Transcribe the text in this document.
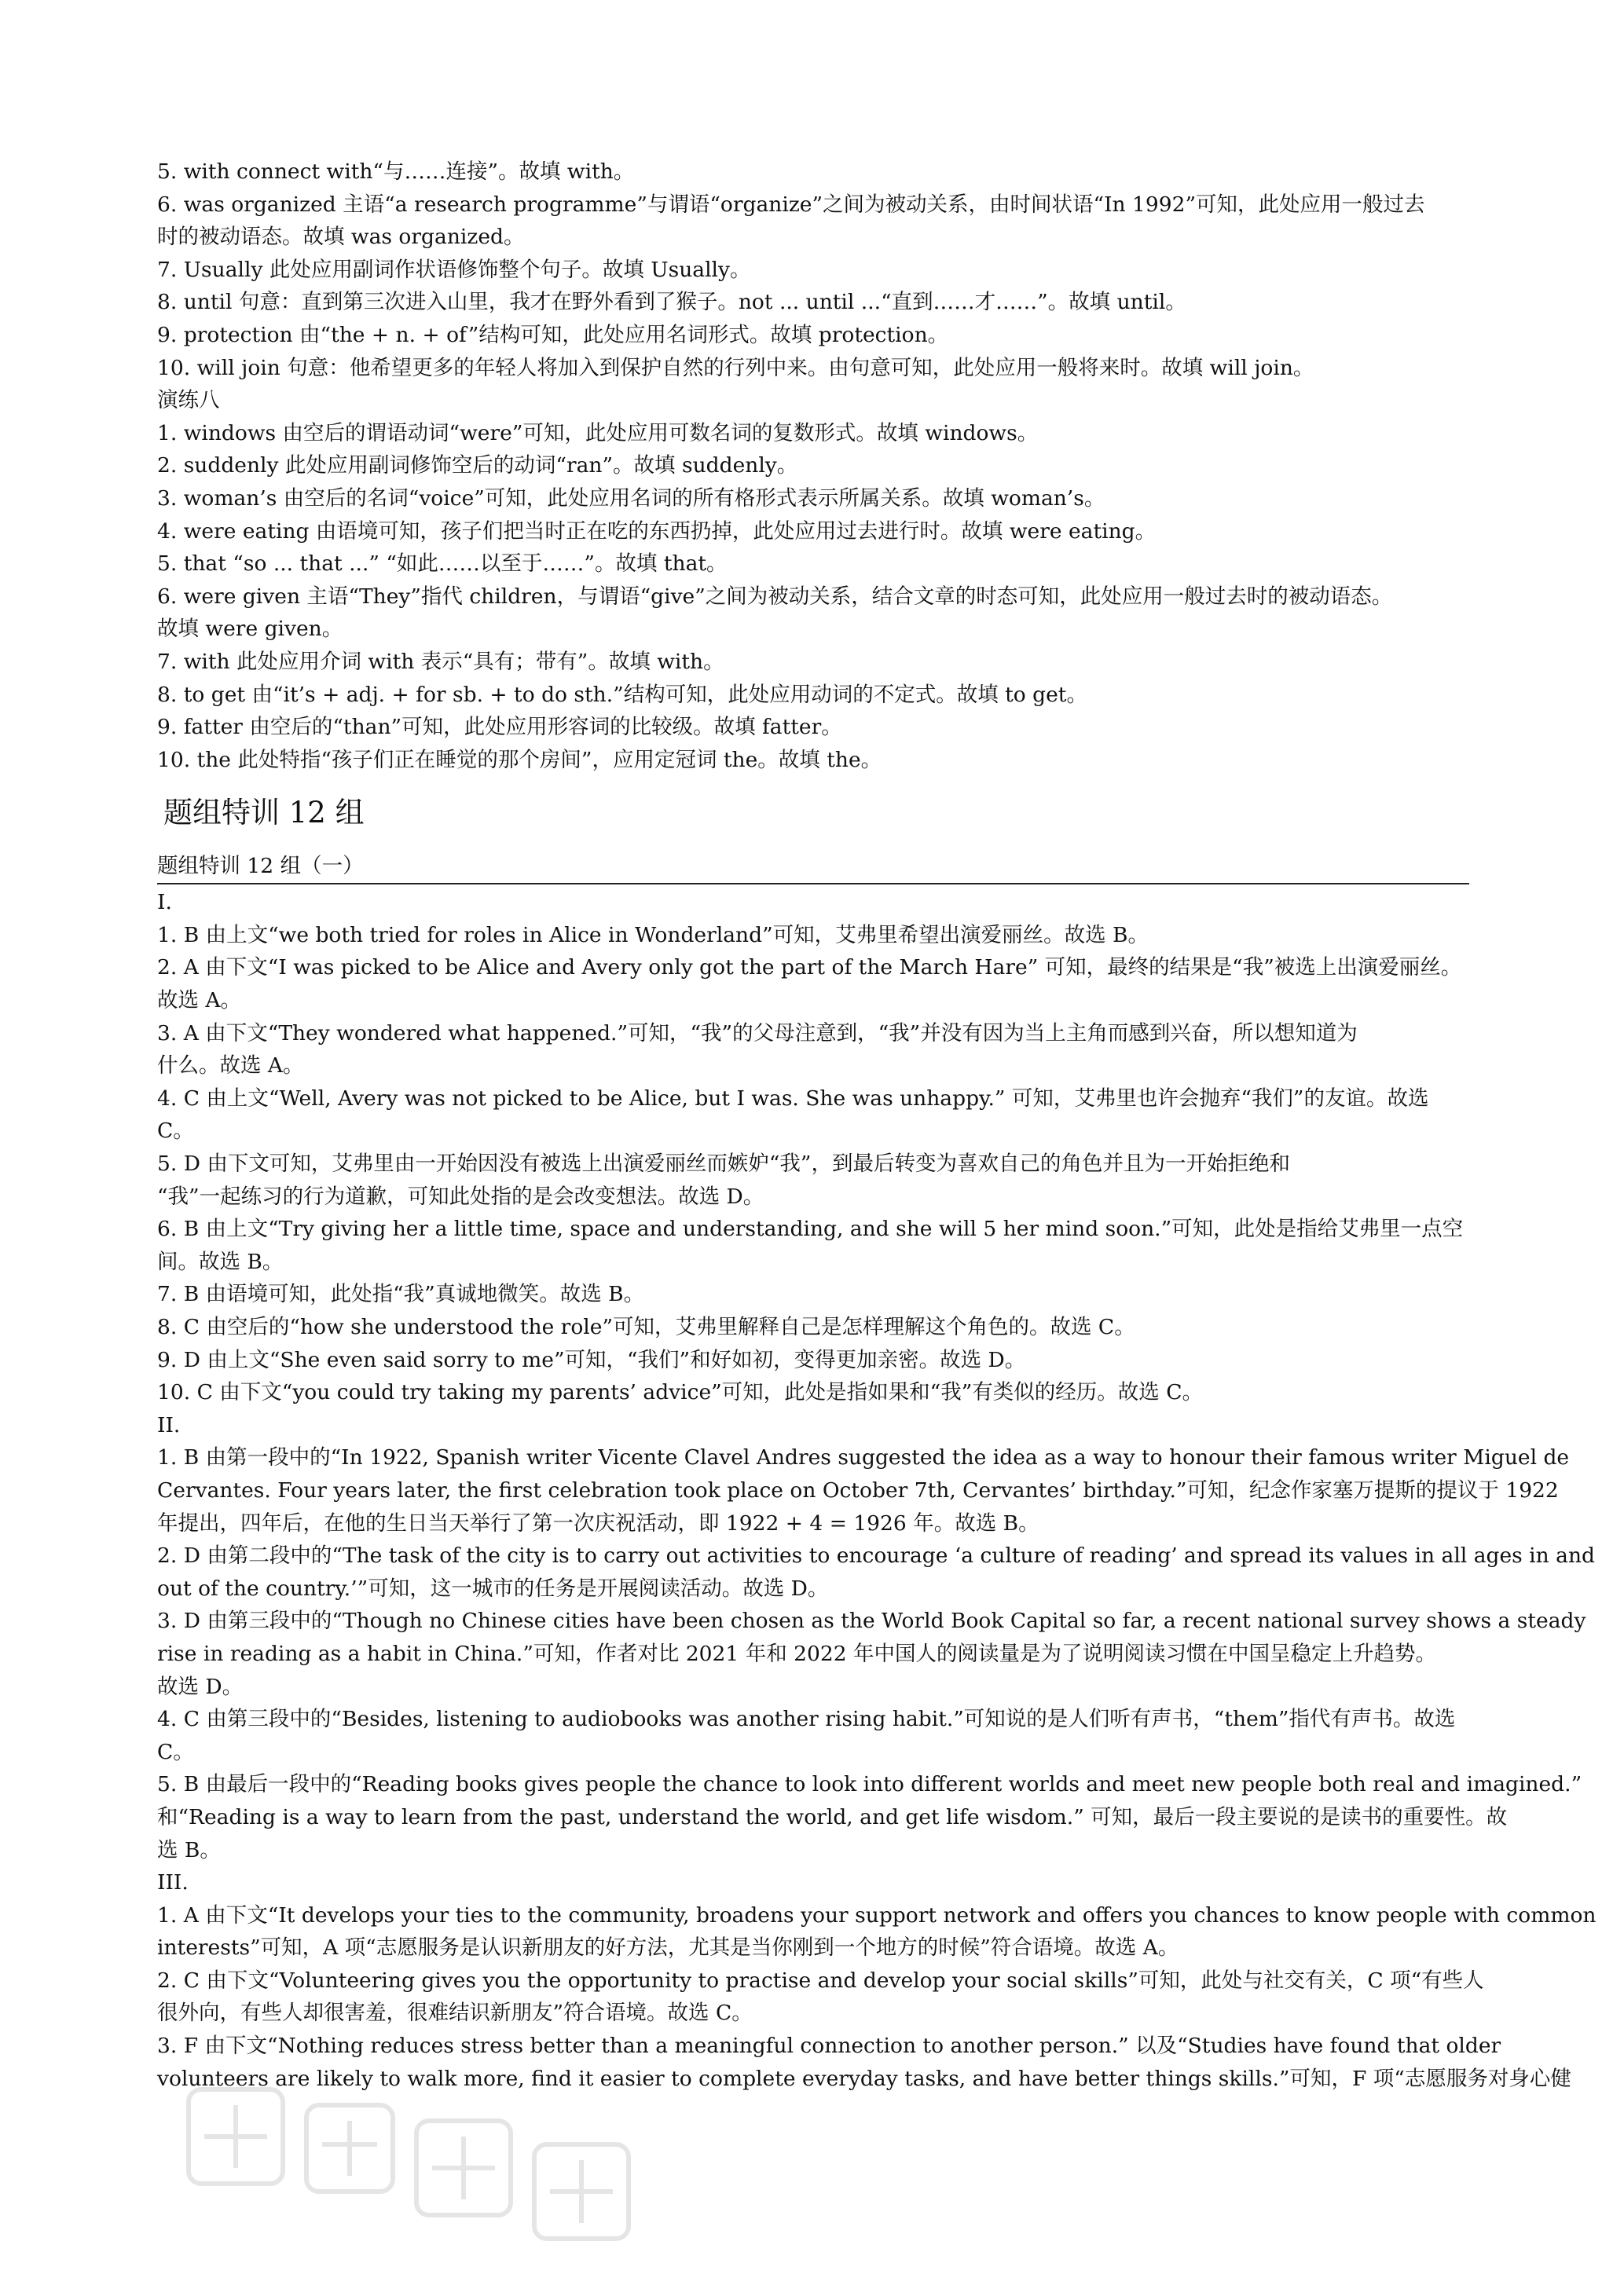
5. with connect with“与……连接”。故填 with。

6. was organized 主语“a research programme”与谓语“organize”之间为被动关系，由时间状语“In 1992”可知，此处应用一般过去

时的被动语态。故填 was organized。

7. Usually 此处应用副词作状语修饰整个句子。故填 Usually。

8. until 句意：直到第三次进入山里，我才在野外看到了猴子。not ... until ...“直到……才……”。故填 until。

9. protection 由“the + n. + of”结构可知，此处应用名词形式。故填 protection。

10. will join 句意：他希望更多的年轻人将加入到保护自然的行列中来。由句意可知，此处应用一般将来时。故填 will join。

演练八

1. windows 由空后的谓语动词“were”可知，此处应用可数名词的复数形式。故填 windows。

2. suddenly 此处应用副词修饰空后的动词“ran”。故填 suddenly。

3. woman’s 由空后的名词“voice”可知，此处应用名词的所有格形式表示所属关系。故填 woman’s。

4. were eating 由语境可知，孩子们把当时正在吃的东西扔掉，此处应用过去进行时。故填 were eating。

5. that “so ... that ...” “如此……以至于……”。故填 that。

6. were given 主语“They”指代 children，与谓语“give”之间为被动关系，结合文章的时态可知，此处应用一般过去时的被动语态。

故填 were given。

7. with 此处应用介词 with 表示“具有；带有”。故填 with。

8. to get 由“it’s + adj. + for sb. + to do sth.”结构可知，此处应用动词的不定式。故填 to get。

9. fatter 由空后的“than”可知，此处应用形容词的比较级。故填 fatter。

10. the 此处特指“孩子们正在睡觉的那个房间”，应用定冠词 the。故填 the。

题组特训 12 组
题组特训 12 组（一）

I.

1. B 由上文“we both tried for roles in Alice in Wonderland”可知，艾弗里希望出演爱丽丝。故选 B。

2. A 由下文“I was picked to be Alice and Avery only got the part of the March Hare” 可知，最终的结果是“我”被选上出演爱丽丝。

故选 A。

3. A 由下文“They wondered what happened.”可知，“我”的父母注意到，“我”并没有因为当上主角而感到兴奋，所以想知道为

什么。故选 A。

4. C 由上文“Well, Avery was not picked to be Alice, but I was. She was unhappy.” 可知，艾弗里也许会抛弃“我们”的友谊。故选

C。

5. D 由下文可知，艾弗里由一开始因没有被选上出演爱丽丝而嫉妒“我”，到最后转变为喜欢自己的角色并且为一开始拒绝和

“我”一起练习的行为道歉，可知此处指的是会改变想法。故选 D。

6. B 由上文“Try giving her a little time, space and understanding, and she will 5 her mind soon.”可知，此处是指给艾弗里一点空

间。故选 B。

7. B 由语境可知，此处指“我”真诚地微笑。故选 B。

8. C 由空后的“how she understood the role”可知，艾弗里解释自己是怎样理解这个角色的。故选 C。

9. D 由上文“She even said sorry to me”可知，“我们”和好如初，变得更加亲密。故选 D。

10. C 由下文“you could try taking my parents’ advice”可知，此处是指如果和“我”有类似的经历。故选 C。

II.

1. B 由第一段中的“In 1922, Spanish writer Vicente Clavel Andres suggested the idea as a way to honour their famous writer Miguel de

Cervantes. Four years later, the first celebration took place on October 7th, Cervantes’ birthday.”可知，纪念作家塞万提斯的提议于 1922

年提出，四年后，在他的生日当天举行了第一次庆祝活动，即 1922 + 4 = 1926 年。故选 B。

2. D 由第二段中的“The task of the city is to carry out activities to encourage ‘a culture of reading’ and spread its values in all ages in and

out of the country.’”可知，这一城市的任务是开展阅读活动。故选 D。

3. D 由第三段中的“Though no Chinese cities have been chosen as the World Book Capital so far, a recent national survey shows a steady

rise in reading as a habit in China.”可知，作者对比 2021 年和 2022 年中国人的阅读量是为了说明阅读习惯在中国呈稳定上升趋势。

故选 D。

4. C 由第三段中的“Besides, listening to audiobooks was another rising habit.”可知说的是人们听有声书，“them”指代有声书。故选

C。

5. B 由最后一段中的“Reading books gives people the chance to look into different worlds and meet new people both real and imagined.”

和“Reading is a way to learn from the past, understand the world, and get life wisdom.” 可知，最后一段主要说的是读书的重要性。故

选 B。

III.

1. A 由下文“It develops your ties to the community, broadens your support network and offers you chances to know people with common

interests”可知，A 项“志愿服务是认识新朋友的好方法，尤其是当你刚到一个地方的时候”符合语境。故选 A。

2. C 由下文“Volunteering gives you the opportunity to practise and develop your social skills”可知，此处与社交有关，C 项“有些人

很外向，有些人却很害羞，很难结识新朋友”符合语境。故选 C。

3. F 由下文“Nothing reduces stress better than a meaningful connection to another person.” 以及“Studies have found that older

volunteers are likely to walk more, find it easier to complete everyday tasks, and have better things skills.”可知，F 项“志愿服务对身心健
